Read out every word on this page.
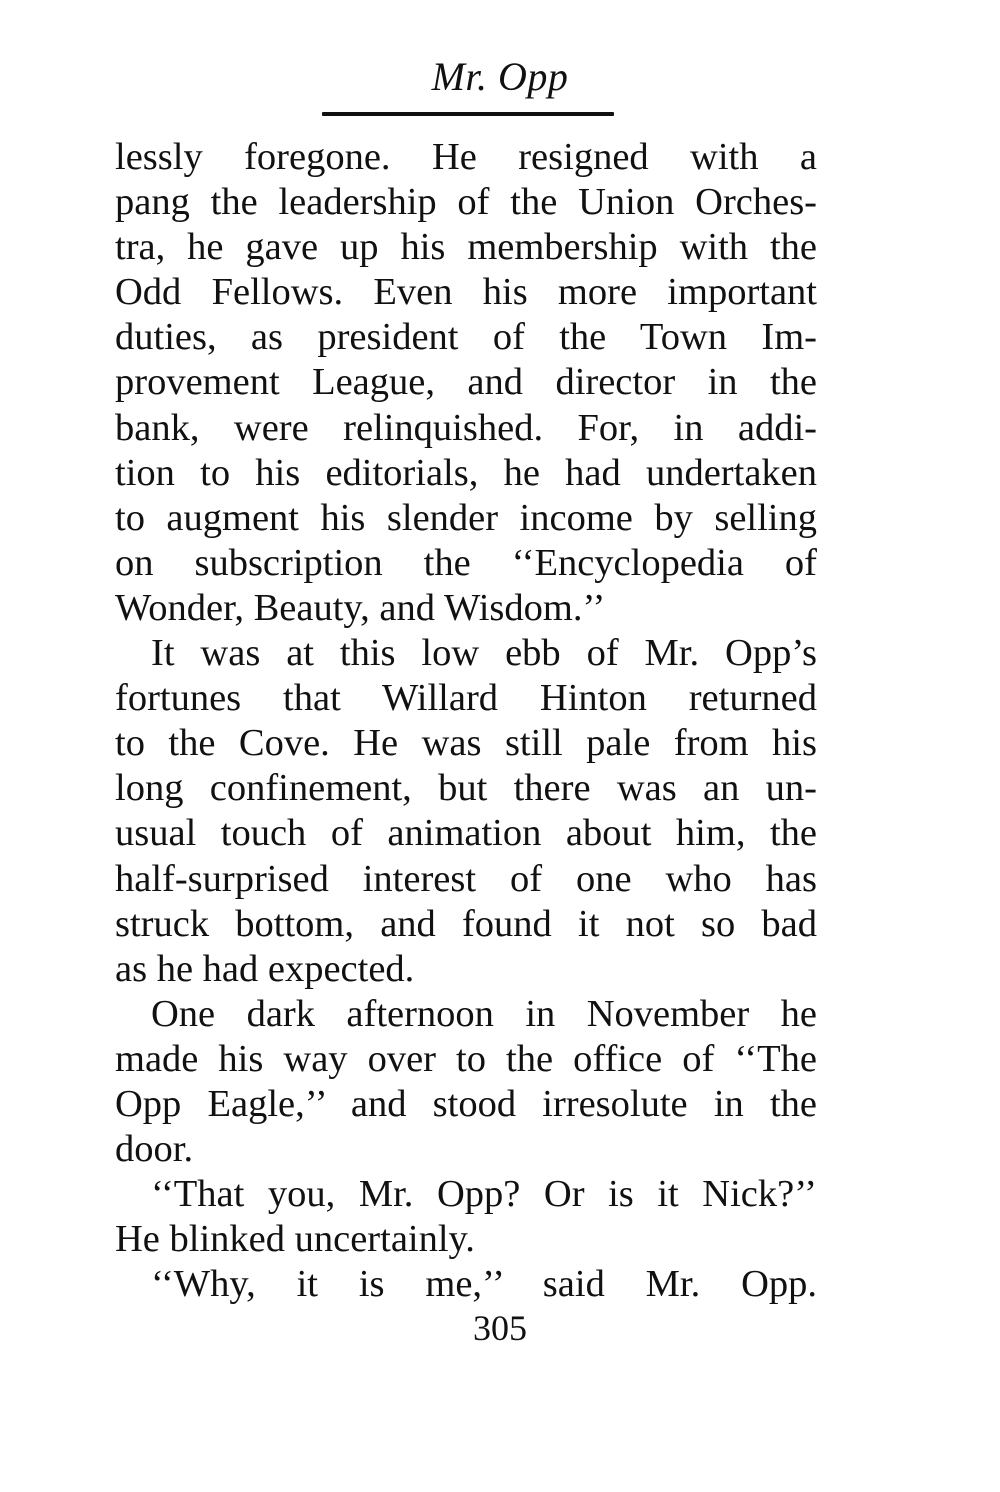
Mr. Opp
lessly foregone. He resigned with a
pang the leadership of the Union Orches-
tra, he gave up his membership with the
Odd Fellows. Even his more important
duties, as president of the Town Im-
provement League, and director in the
bank, were relinquished. For, in addi-
tion to his editorials, he had undertaken
to augment his slender income by selling
on subscription the ‘‘Encyclopedia of
Wonder, Beauty, and Wisdom.’’
It was at this low ebb of Mr. Opp’s
fortunes that Willard Hinton returned
to the Cove. He was still pale from his
long confinement, but there was an un-
usual touch of animation about him, the
half-surprised interest of one who has
struck bottom, and found it not so bad
as he had expected.
One dark afternoon in November he
made his way over to the office of ‘‘The
Opp Eagle,’’ and stood irresolute in the
door.
‘‘That you, Mr. Opp? Or is it Nick?’’
He blinked uncertainly.
‘‘Why, it is me,’’ said Mr. Opp.
305
